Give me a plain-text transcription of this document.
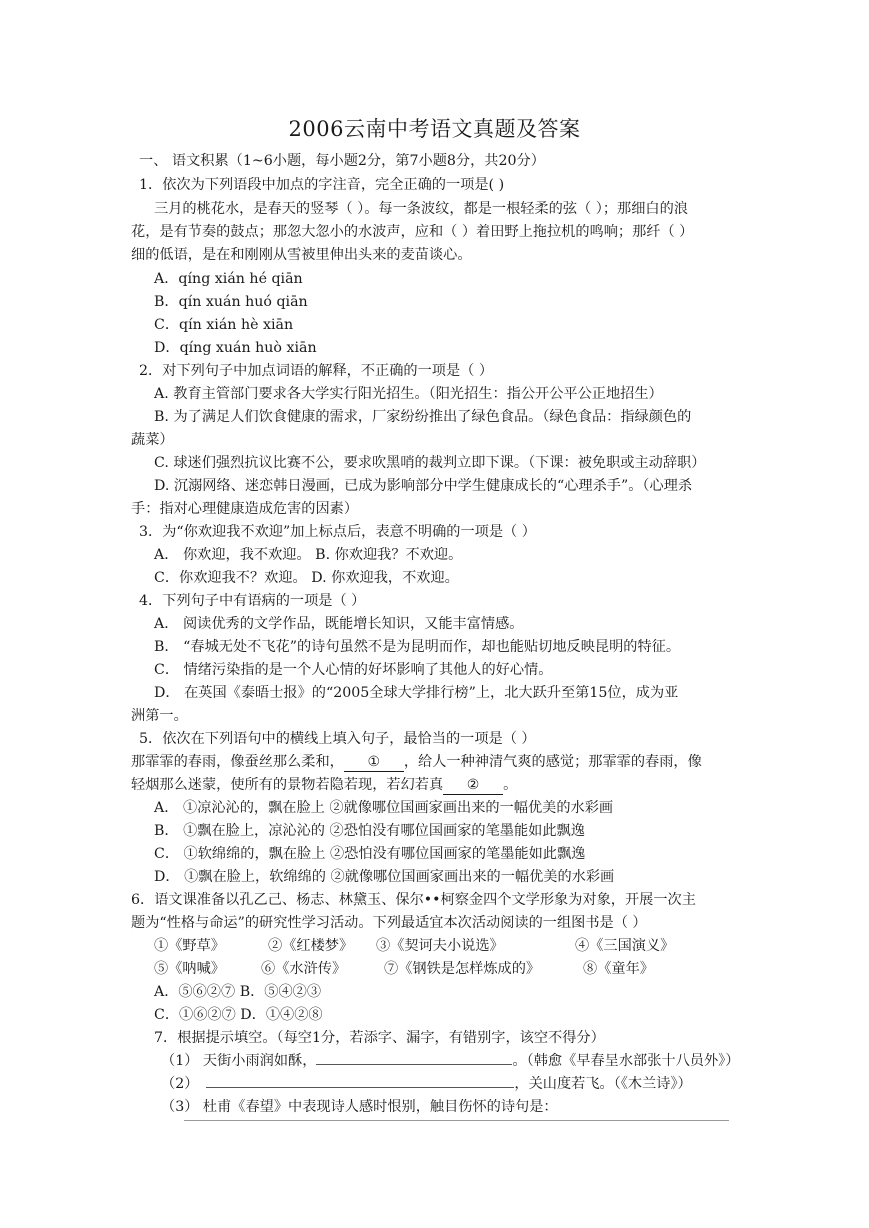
2006云南中考语文真题及答案
一、 语文积累（1~6小题，每小题2分，第7小题8分，共20分）
1．依次为下列语段中加点的字注音，完全正确的一项是( )
三月的桃花水，是春天的竖琴（ ）。每一条波纹，都是一根轻柔的弦（ ）；那细白的浪
花，是有节奏的鼓点；那忽大忽小的水波声，应和（ ）着田野上拖拉机的鸣响；那纤（ ）
细的低语，是在和刚刚从雪被里伸出头来的麦苗谈心。
A．qíng xián hé qiān
B．qín xuán huó qiān
C．qín xián hè xiān
D．qíng xuán huò xiān
2．对下列句子中加点词语的解释，不正确的一项是（ ）
A. 教育主管部门要求各大学实行阳光招生。（阳光招生：指公开公平公正地招生）
B. 为了满足人们饮食健康的需求，厂家纷纷推出了绿色食品。（绿色食品：指绿颜色的
蔬菜）
C. 球迷们强烈抗议比赛不公，要求吹黑哨的裁判立即下课。（下课：被免职或主动辞职）
D. 沉溺网络、迷恋韩日漫画，已成为影响部分中学生健康成长的“心理杀手”。（心理杀
手：指对心理健康造成危害的因素）
3．为“你欢迎我不欢迎”加上标点后，表意不明确的一项是（ ）
A． 你欢迎，我不欢迎。 B. 你欢迎我？不欢迎。
C．你欢迎我不？欢迎。 D. 你欢迎我，不欢迎。
4．下列句子中有语病的一项是（ ）
A． 阅读优秀的文学作品，既能增长知识，又能丰富情感。
B． “春城无处不飞花”的诗句虽然不是为昆明而作，却也能贴切地反映昆明的特征。
C． 情绪污染指的是一个人心情的好坏影响了其他人的好心情。
D． 在英国《泰晤士报》的“2005全球大学排行榜”上，北大跃升至第15位，成为亚
洲第一。
5．依次在下列语句中的横线上填入句子，最恰当的一项是（ ）
那霏霏的春雨，像蚕丝那么柔和， ① ，给人一种神清气爽的感觉；那霏霏的春雨，像
轻烟那么迷蒙，使所有的景物若隐若现，若幻若真 ② 。
A． ①凉沁沁的，飘在脸上 ②就像哪位国画家画出来的一幅优美的水彩画
B． ①飘在脸上，凉沁沁的 ②恐怕没有哪位国画家的笔墨能如此飘逸
C． ①软绵绵的，飘在脸上 ②恐怕没有哪位国画家的笔墨能如此飘逸
D． ①飘在脸上，软绵绵的 ②就像哪位国画家画出来的一幅优美的水彩画
6．语文课准备以孔乙己、杨志、林黛玉、保尔••柯察金四个文学形象为对象，开展一次主
题为“性格与命运”的研究性学习活动。下列最适宜本次活动阅读的一组图书是（ ）
①《野草》	②《红楼梦》 ③《契诃夫小说选》	④《三国演义》
⑤《呐喊》	⑥《水浒传》	⑦《钢铁是怎样炼成的》	⑧《童年》
A．⑤⑥②⑦ B．⑤④②③
C．①⑥②⑦ D．①④②⑧
7．根据提示填空。（每空1分，若添字、漏字，有错别字，该空不得分）
（1） 天街小雨润如酥，	。（韩愈《早春呈水部张十八员外》）
（2）	，关山度若飞。（《木兰诗》）
（3） 杜甫《春望》中表现诗人感时恨别，触目伤怀的诗句是：
